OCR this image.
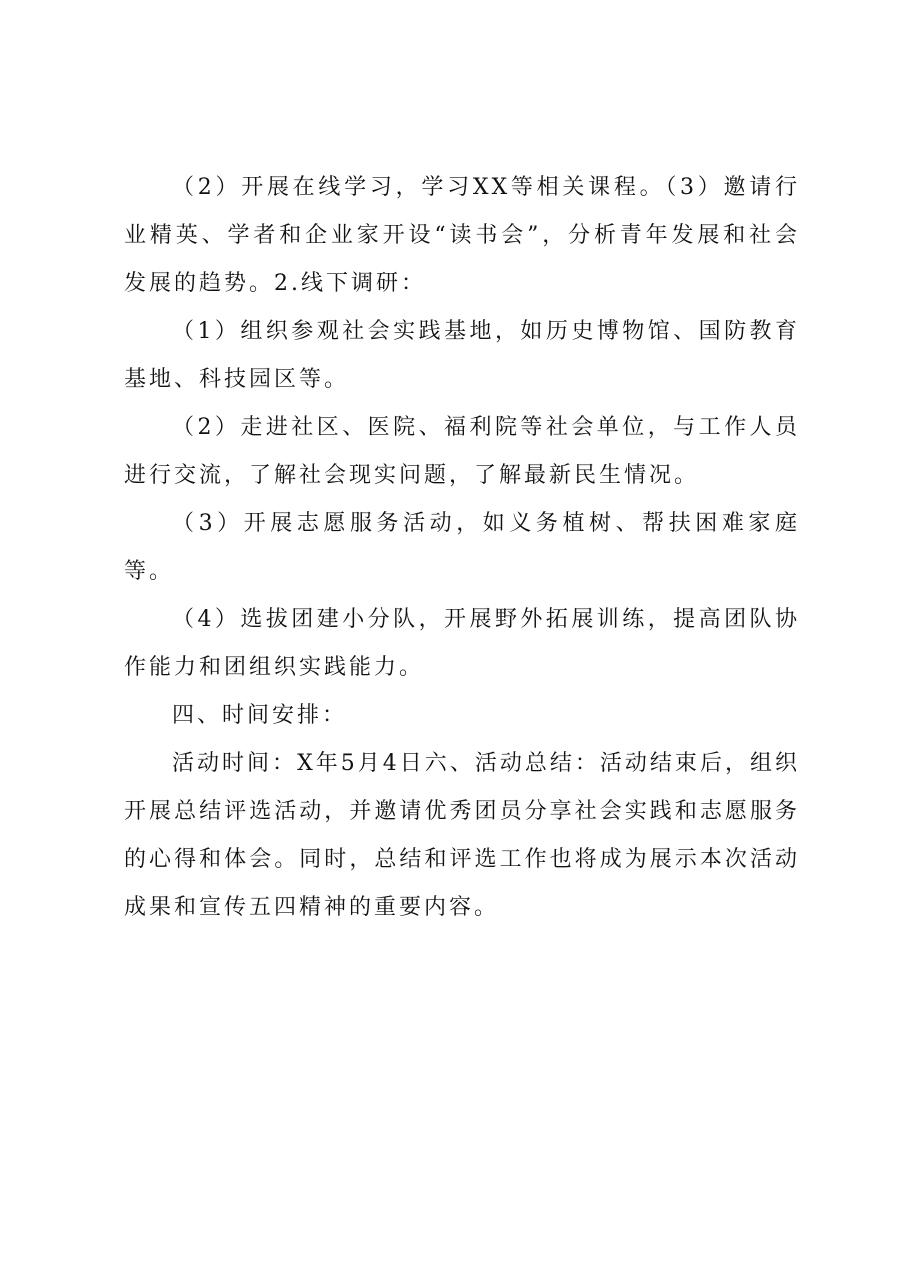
（2）开展在线学习，学习XX等相关课程。（3）邀请行业精英、学者和企业家开设“读书会”，分析青年发展和社会发展的趋势。2.线下调研：

（1）组织参观社会实践基地，如历史博物馆、国防教育基地、科技园区等。

（2）走进社区、医院、福利院等社会单位，与工作人员进行交流，了解社会现实问题，了解最新民生情况。

（3）开展志愿服务活动，如义务植树、帮扶困难家庭等。

（4）选拔团建小分队，开展野外拓展训练，提高团队协作能力和团组织实践能力。

四、时间安排：

活动时间：X年5月4日六、活动总结：活动结束后，组织开展总结评选活动，并邀请优秀团员分享社会实践和志愿服务的心得和体会。同时，总结和评选工作也将成为展示本次活动成果和宣传五四精神的重要内容。
